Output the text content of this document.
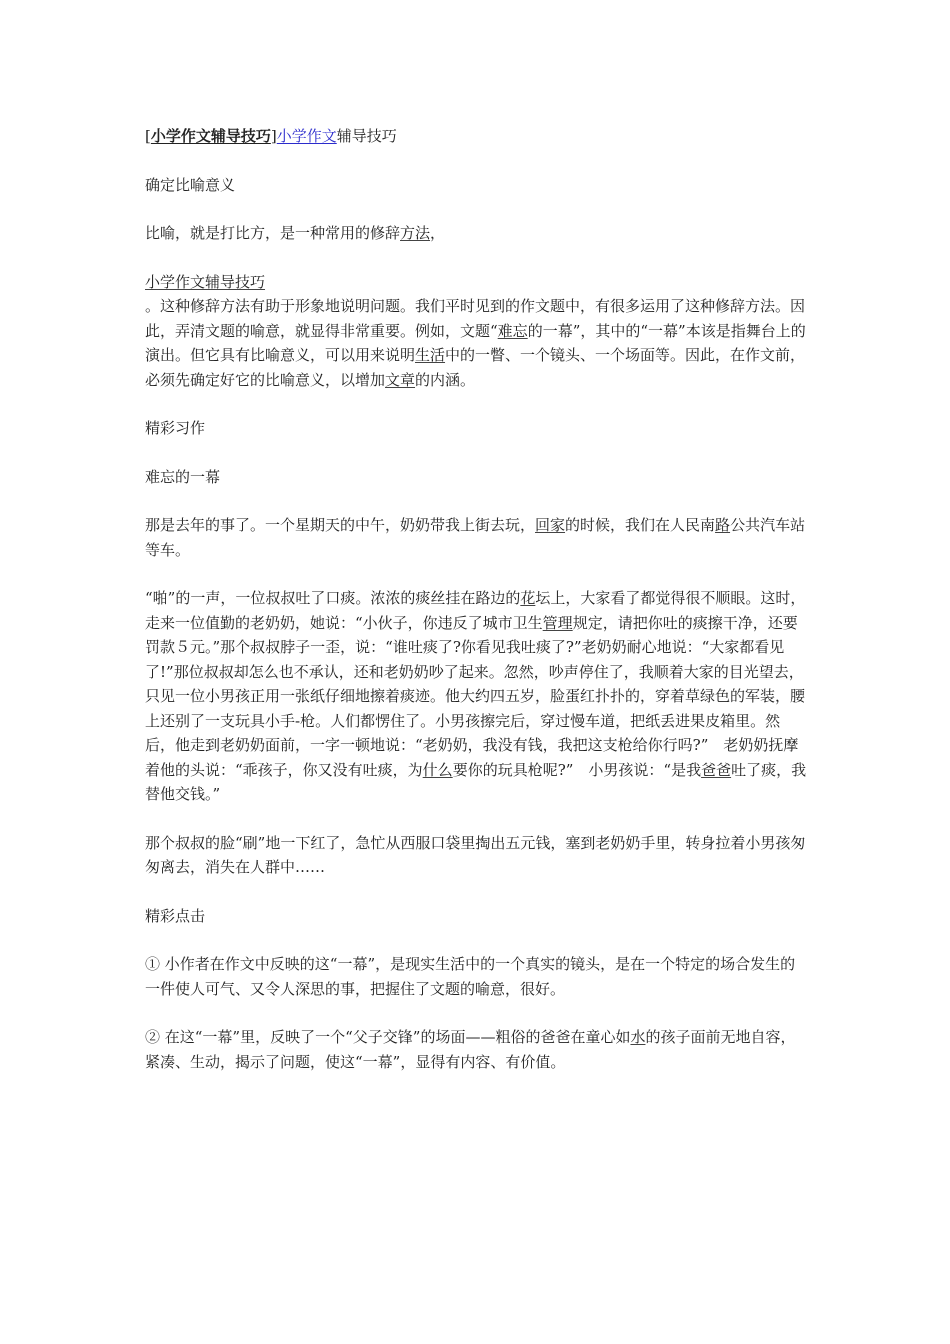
[小学作文辅导技巧]小学作文辅导技巧

确定比喻意义

比喻，就是打比方，是一种常用的修辞方法，

小学作文辅导技巧

。这种修辞方法有助于形象地说明问题。我们平时见到的作文题中，有很多运用了这种修辞方法。因此，弄清文题的喻意，就显得非常重要。例如，文题“难忘的一幕”，其中的“一幕”本该是指舞台上的演出。但它具有比喻意义，可以用来说明生活中的一瞥、一个镜头、一个场面等。因此，在作文前，必须先确定好它的比喻意义，以增加文章的内涵。

精彩习作

难忘的一幕

那是去年的事了。一个星期天的中午，奶奶带我上街去玩，回家的时候，我们在人民南路公共汽车站等车。

“啪”的一声，一位叔叔吐了口痰。浓浓的痰丝挂在路边的花坛上，大家看了都觉得很不顺眼。这时，走来一位值勤的老奶奶，她说：“小伙子，你违反了城市卫生管理规定，请把你吐的痰擦干净，还要罚款５元。”那个叔叔脖子一歪，说：“谁吐痰了?你看见我吐痰了?”老奶奶耐心地说：“大家都看见了!”那位叔叔却怎么也不承认，还和老奶奶吵了起来。忽然，吵声停住了，我顺着大家的目光望去，只见一位小男孩正用一张纸仔细地擦着痰迹。他大约四五岁，脸蛋红扑扑的，穿着草绿色的军装，腰上还别了一支玩具小手-枪。人们都愣住了。小男孩擦完后，穿过慢车道，把纸丢进果皮箱里。然后，他走到老奶奶面前，一字一顿地说：“老奶奶，我没有钱，我把这支枪给你行吗?”　老奶奶抚摩着他的头说：“乖孩子，你又没有吐痰，为什么要你的玩具枪呢?”　小男孩说：“是我爸爸吐了痰，我替他交钱。”

那个叔叔的脸“刷”地一下红了，急忙从西服口袋里掏出五元钱，塞到老奶奶手里，转身拉着小男孩匆匆离去，消失在人群中……

精彩点击

① 小作者在作文中反映的这“一幕”，是现实生活中的一个真实的镜头，是在一个特定的场合发生的一件使人可气、又令人深思的事，把握住了文题的喻意，很好。

② 在这“一幕”里，反映了一个“父子交锋”的场面——粗俗的爸爸在童心如水的孩子面前无地自容，紧凑、生动，揭示了问题，使这“一幕”，显得有内容、有价值。
